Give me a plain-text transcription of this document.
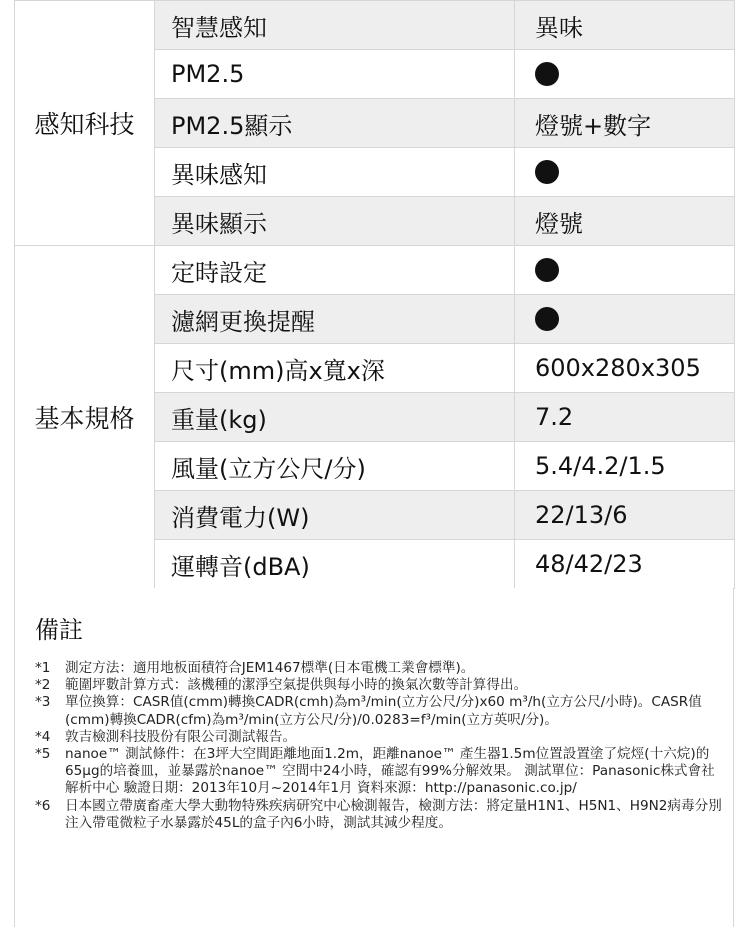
感知科技	智慧感知	異味
	PM2.5	
	PM2.5顯示	燈號+數字
	異味感知	
	異味顯示	燈號
基本規格	定時設定	
	濾網更換提醒	
	尺寸(mm)高x寬x深	600x280x305
	重量(kg)	7.2
	風量(立方公尺/分)	5.4/4.2/1.5
	消費電力(W)	22/13/6
	運轉音(dBA)	48/42/23
備註
*1	測定方法：適用地板面積符合JEM1467標準(日本電機工業會標準)。
*2	範圍坪數計算方式：該機種的潔淨空氣提供與每小時的換氣次數等計算得出。
*3	單位換算：CASR值(cmm)轉換CADR(cmh)為m³/min(立方公尺/分)x60 m³/h(立方公尺/小時)。CASR值(cmm)轉換CADR(cfm)為m³/min(立方公尺/分)/0.0283=f³/min(立方英呎/分)。
*4	敦吉檢測科技股份有限公司測試報告。
*5	nanoe™ 測試條件：在3坪大空間距離地面1.2m，距離nanoe™ 產生器1.5m位置設置塗了烷烴(十六烷)的65μg的培養皿，並暴露於nanoe™ 空間中24小時，確認有99%分解效果。 測試單位：Panasonic株式會社解析中心 驗證日期：2013年10月~2014年1月 資料來源：http://panasonic.co.jp/
*6	日本國立帶廣畜產大學大動物特殊疾病研究中心檢測報告，檢測方法：將定量H1N1、H5N1、H9N2病毒分別注入帶電微粒子水暴露於45L的盒子內6小時，測試其減少程度。
